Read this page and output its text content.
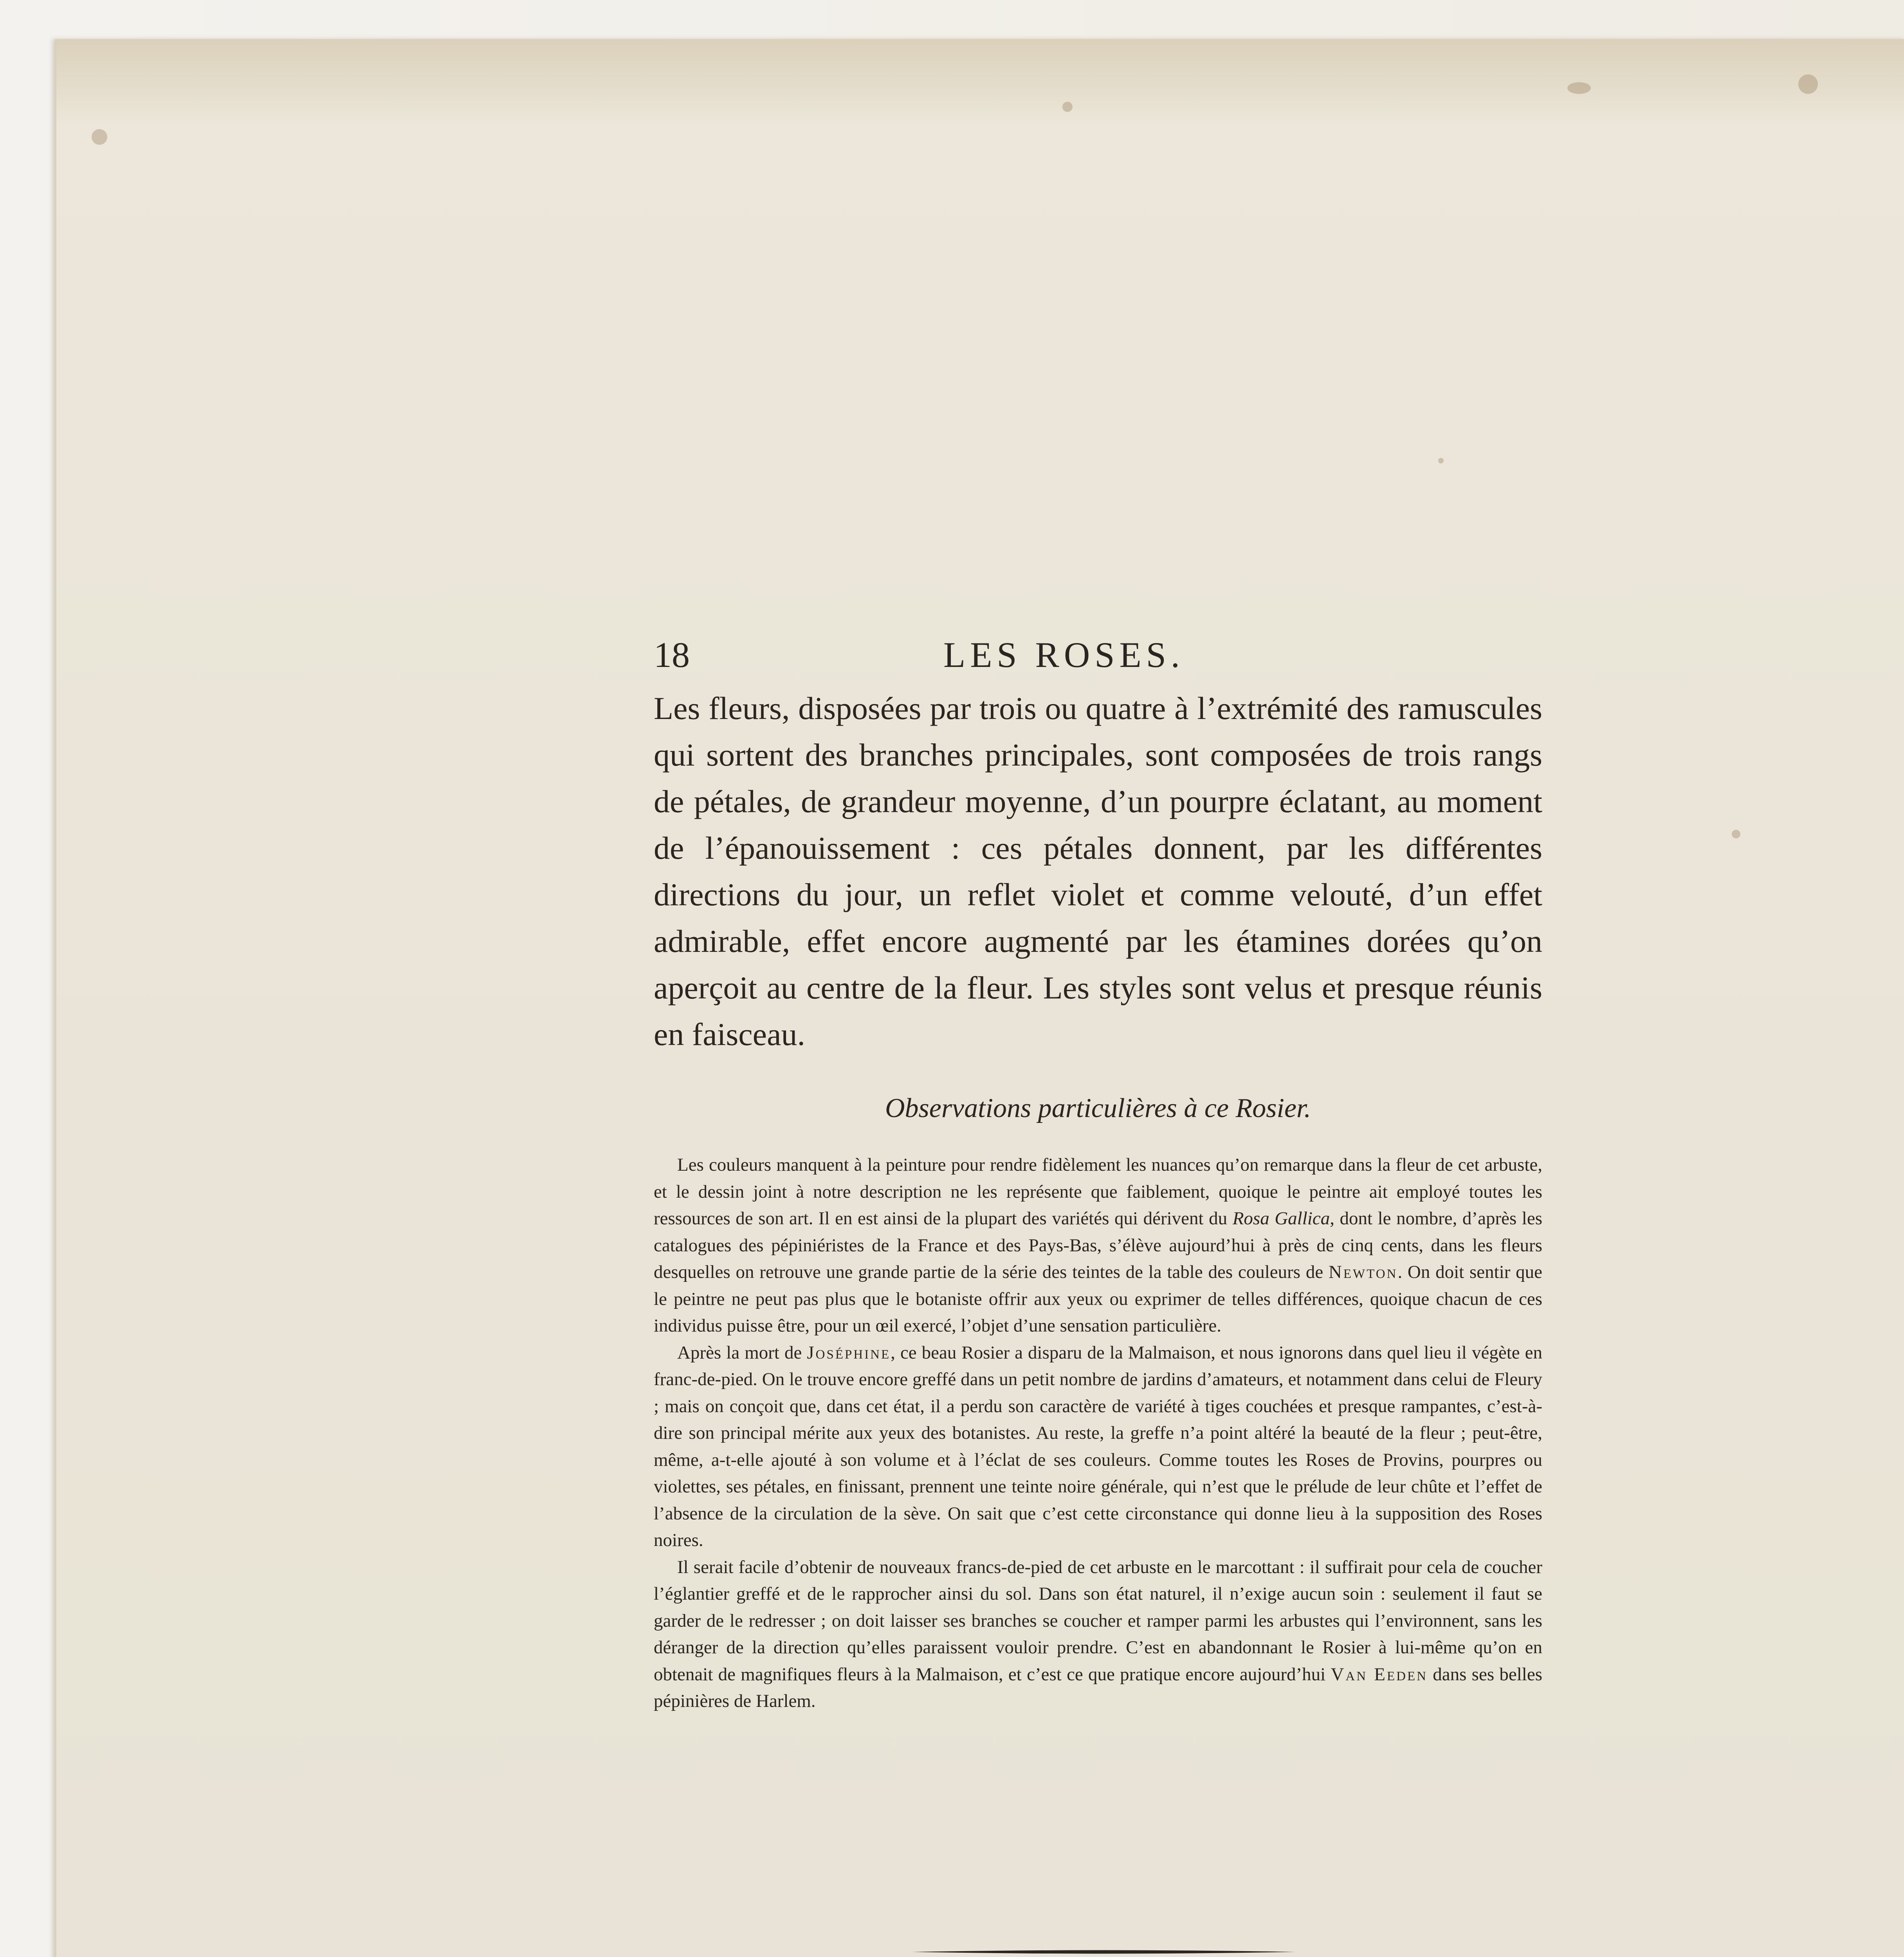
18	LES ROSES.

Les fleurs, disposées par trois ou quatre à l’extrémité des ramuscules qui sortent des branches principales, sont composées de trois rangs de pétales, de grandeur moyenne, d’un pourpre éclatant, au moment de l’épanouissement : ces pétales donnent, par les différentes directions du jour, un reflet violet et comme velouté, d’un effet admirable, effet encore augmenté par les étamines dorées qu’on aperçoit au centre de la fleur. Les styles sont velus et presque réunis en faisceau.

Observations particulières à ce Rosier.

Les couleurs manquent à la peinture pour rendre fidèlement les nuances qu’on remarque dans la fleur de cet arbuste, et le dessin joint à notre description ne les représente que faiblement, quoique le peintre ait employé toutes les ressources de son art. Il en est ainsi de la plupart des variétés qui dérivent du Rosa Gallica, dont le nombre, d’après les catalogues des pépiniéristes de la France et des Pays-Bas, s’élève aujourd’hui à près de cinq cents, dans les fleurs desquelles on retrouve une grande partie de la série des teintes de la table des couleurs de Newton. On doit sentir que le peintre ne peut pas plus que le botaniste offrir aux yeux ou exprimer de telles différences, quoique chacun de ces individus puisse être, pour un œil exercé, l’objet d’une sensation particulière.

Après la mort de Joséphine, ce beau Rosier a disparu de la Malmaison, et nous ignorons dans quel lieu il végète en franc-de-pied. On le trouve encore greffé dans un petit nombre de jardins d’amateurs, et notamment dans celui de Fleury ; mais on conçoit que, dans cet état, il a perdu son caractère de variété à tiges couchées et presque rampantes, c’est-à-dire son principal mérite aux yeux des botanistes. Au reste, la greffe n’a point altéré la beauté de la fleur ; peut-être, même, a-t-elle ajouté à son volume et à l’éclat de ses couleurs. Comme toutes les Roses de Provins, pourpres ou violettes, ses pétales, en finissant, prennent une teinte noire générale, qui n’est que le prélude de leur chûte et l’effet de l’absence de la circulation de la sève. On sait que c’est cette circonstance qui donne lieu à la supposition des Roses noires.

Il serait facile d’obtenir de nouveaux francs-de-pied de cet arbuste en le marcottant : il suffirait pour cela de coucher l’églantier greffé et de le rapprocher ainsi du sol. Dans son état naturel, il n’exige aucun soin : seulement il faut se garder de le redresser ; on doit laisser ses branches se coucher et ramper parmi les arbustes qui l’environnent, sans les déranger de la direction qu’elles paraissent vouloir prendre. C’est en abandonnant le Rosier à lui-même qu’on en obtenait de magnifiques fleurs à la Malmaison, et c’est ce que pratique encore aujourd’hui Van Eeden dans ses belles pépinières de Harlem.
